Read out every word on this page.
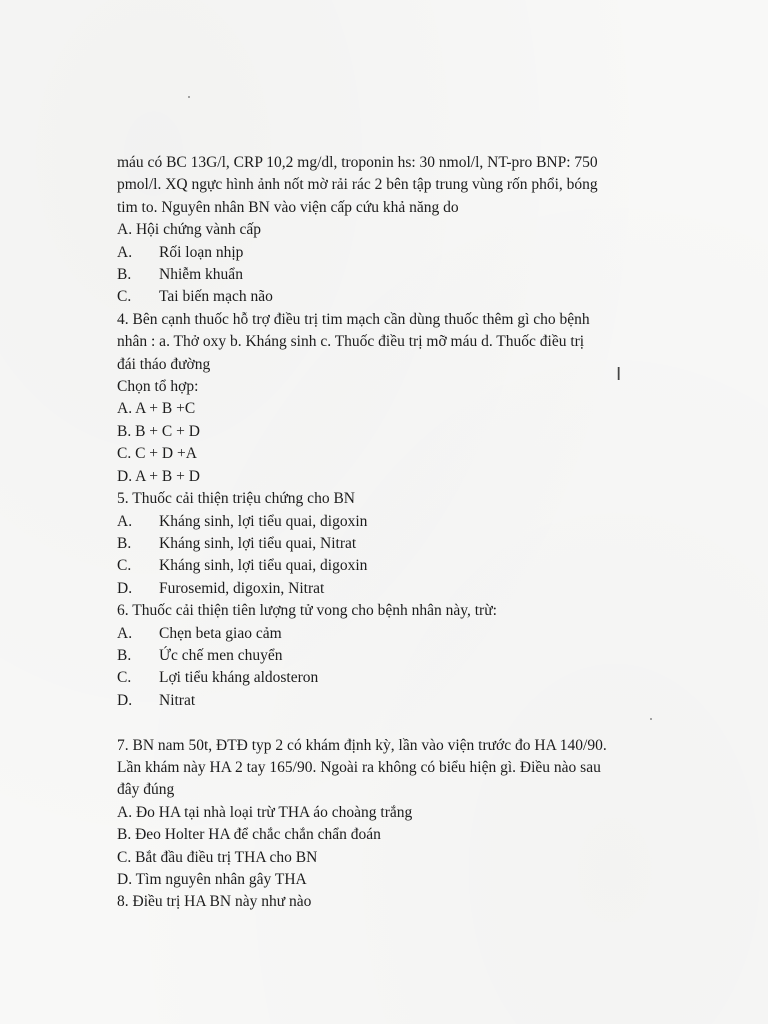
máu có BC 13G/l, CRP 10,2 mg/dl, troponin hs: 30 nmol/l, NT-pro BNP: 750
pmol/l. XQ ngực hình ảnh nốt mờ rải rác 2 bên tập trung vùng rốn phổi, bóng
tim to. Nguyên nhân BN vào viện cấp cứu khả năng do
A. Hội chứng vành cấp
A.	Rối loạn nhịp
B.	Nhiễm khuẩn
C.	Tai biến mạch não
4. Bên cạnh thuốc hỗ trợ điều trị tim mạch cần dùng thuốc thêm gì cho bệnh
nhân : a. Thở oxy b. Kháng sinh c. Thuốc điều trị mỡ máu d. Thuốc điều trị
đái tháo đường
Chọn tổ hợp:
A. A + B +C
B. B + C + D
C. C + D +A
D. A + B + D
5. Thuốc cải thiện triệu chứng cho BN
A.	Kháng sinh, lợi tiểu quai, digoxin
B.	Kháng sinh, lợi tiểu quai, Nitrat
C.	Kháng sinh, lợi tiểu quai, digoxin
D.	Furosemid, digoxin, Nitrat
6. Thuốc cải thiện tiên lượng tử vong cho bệnh nhân này, trừ:
A.	Chẹn beta giao cảm
B.	Ức chế men chuyển
C.	Lợi tiểu kháng aldosteron
D.	Nitrat
7. BN nam 50t, ĐTĐ typ 2 có khám định kỳ, lần vào viện trước đo HA 140/90.
Lần khám này HA 2 tay 165/90. Ngoài ra không có biểu hiện gì. Điều nào sau
đây đúng
A. Đo HA tại nhà loại trừ THA áo choàng trắng
B. Đeo Holter HA để chắc chắn chẩn đoán
C. Bắt đầu điều trị THA cho BN
D. Tìm nguyên nhân gây THA
8. Điều trị HA BN này như nào
I
